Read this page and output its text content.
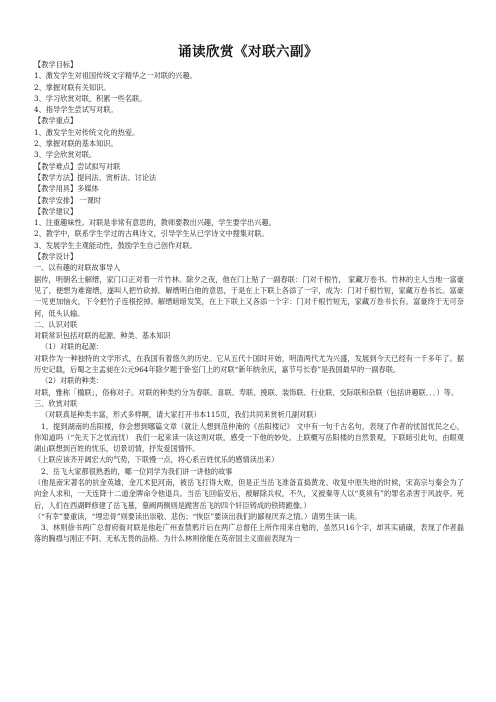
诵读欣赏《对联六副》
【教学目标】
1、激发学生对祖国传统文字精华之一对联的兴趣。
2、掌握对联有关知识。
3、学习欣赏对联，积累一些名联。
4、指导学生尝试写对联。
【教学重点】
1、激发学生对传统文化的热爱。
2、掌握对联的基本知识。
3、学会欣赏对联。
【教学难点】尝试拟写对联
【教学方法】提问法、赏析法、讨论法
【教学用具】多媒体
【教学安排】 一课时
【教学建议】
1、注重趣味性。对联是非常有意思的，教师要教出兴趣，学生要学出兴趣。
2、教学中，联系学生学过的古典诗文，引导学生从已学诗文中搜集对联。
3、发展学生主观能动性，鼓励学生自己创作对联。
【教学设计】
一、以有趣的对联故事导入
据传，明朝名士解缙，家门口正对着一片竹林。除夕之夜，他在门上贴了一副春联：门对千根竹， 家藏万卷书。竹林的主人当地一富豪见了，便想为难谢缙，遂叫人把竹砍掉。解缙明白他的意思，于是在上下联上各添了一字，成为：门对千根竹短，家藏万卷书长。富豪一见更加恼火，下令把竹子连根挖掉。解缙暗暗发笑，在上下联上又各添一个字：门对千根竹短无，家藏万卷书长有。富豪终于无可奈何，低头认输。
二、认识对联
对联常识包括对联的起源、种类、基本知识
（1）对联的起源：
对联作为一种独特的文学形式，在我国有着悠久的历史。它从五代十国时开始，明清两代尤为兴盛，发展到今天已经有一千多年了。据历史记载，后蜀之主孟昶在公元964年除夕题于卧室门上的对联“新年纳余庆，嘉节号长春”是我国最早的一副春联。
（2）对联的种类：
对联，雅称「楹联」，俗称对子。对联的种类约分为春联、喜联、寿联、挽联、装饰联、行业联、交际联和杂联（包括讲趣联．．．）等。
三、欣赏对联
（对联真是种类丰富，形式多样啊，请大家打开书本115页，我们共同来赏析几副对联）
1、提到湖南的岳阳楼，你会想到哪篇文章（就让人想到范仲淹的《岳阳楼记》 文中有一句千古名句，表现了作者的忧国忧民之心，你知道吗（“先天下之忧而忧） 我们一起来读一读这则对联，感受一下他的妙处。上联概写岳阳楼的自然景观，下联暗引此句，由眼观湖山联想到百姓的忧乐，切景切情，抒发爱国情怀。
（上联应该齐开阔宏大的气势，下联慢一点，将心系百姓忧乐的感情读出来）
2、岳飞大家都很熟悉的，哪一位同学为我们讲一讲他的故事
（他是南宋著名的抗金英雄，金兀术犯河南，被岳飞打得大败，但是正当岳飞准备直捣黄龙、收复中原失地的时候，宋高宗与秦会为了向金人求和，一天连降十二道金牌命令他退兵。当岳飞回临安后，被解除兵权，不久，又被秦等人以“莫须有”的罪名杀害于风波亭。死后，人们在西湖畔修建了岳飞墓，墓阙两侧则是跪害岳飞的四个奸臣铸成的铁铸跪像。）
（“有幸”要重读，“埋忠骨”则要读出崇敬、悲伤；“恢臣”要读出我们的鄙视厌弃之情。）请男生读一读。
3、林则徐书两广总督府衙对联是他赴广州查禁鸦片后在两广总督任上所作用来自勉的，虽然只16个字，却其实硝磺，表现了作者磊落的胸襟与刚正不阿、无私无畏的品格。为什么林则徐能在英帝国主义面前表现为一
